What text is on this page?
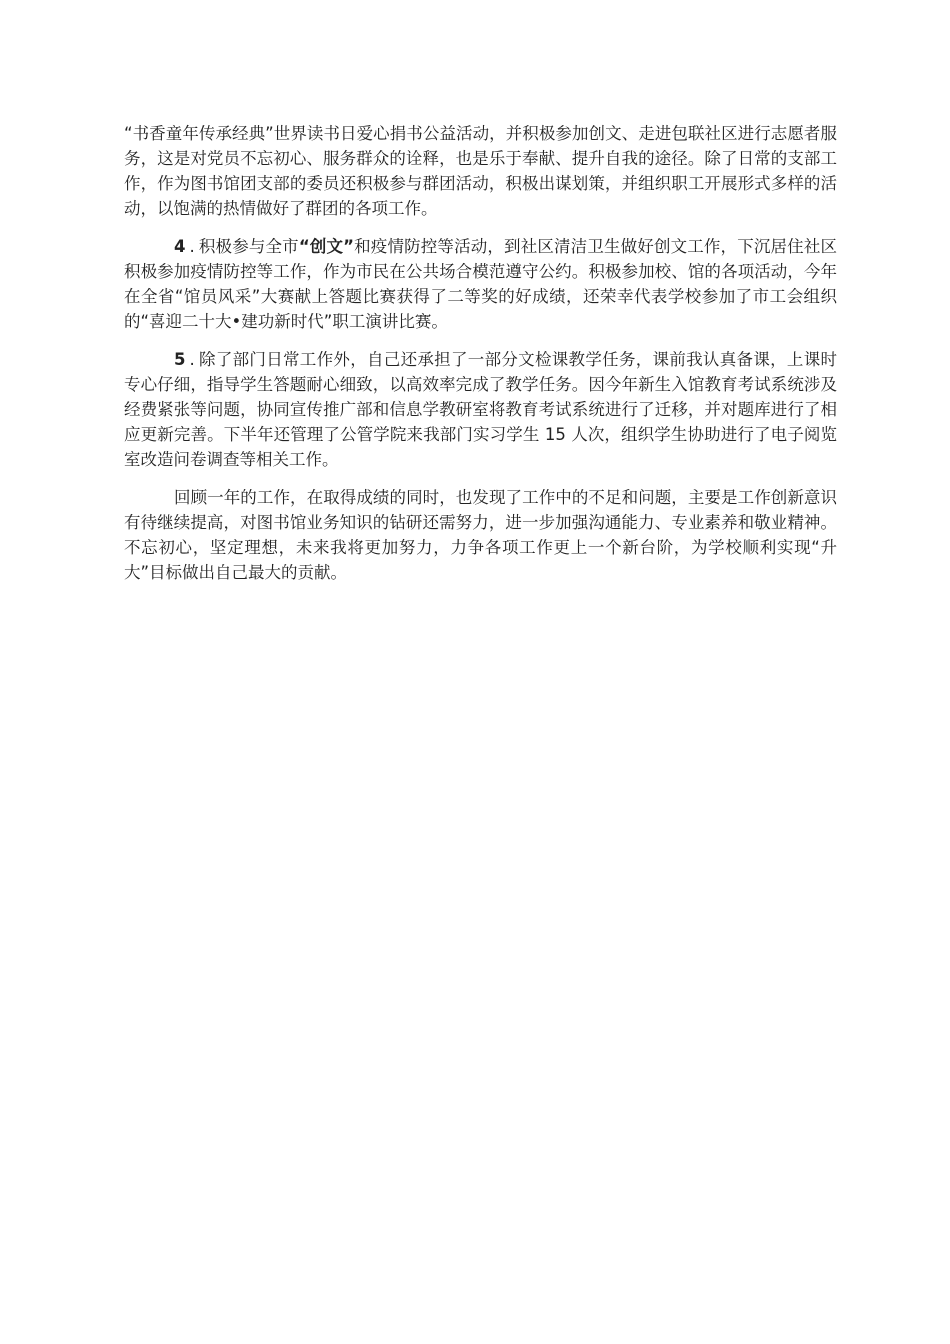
“书香童年传承经典”世界读书日爱心捐书公益活动，并积极参加创文、走进包联社区进行志愿者服务，这是对党员不忘初心、服务群众的诠释，也是乐于奉献、提升自我的途径。除了日常的支部工作，作为图书馆团支部的委员还积极参与群团活动，积极出谋划策，并组织职工开展形式多样的活动，以饱满的热情做好了群团的各项工作。

4 . 积极参与全市“创文”和疫情防控等活动，到社区清洁卫生做好创文工作，下沉居住社区积极参加疫情防控等工作，作为市民在公共场合模范遵守公约。积极参加校、馆的各项活动，今年在全省“馆员风采”大赛献上答题比赛获得了二等奖的好成绩，还荣幸代表学校参加了市工会组织的“喜迎二十大•建功新时代”职工演讲比赛。

5 . 除了部门日常工作外，自己还承担了一部分文检课教学任务，课前我认真备课，上课时专心仔细，指导学生答题耐心细致，以高效率完成了教学任务。因今年新生入馆教育考试系统涉及经费紧张等问题，协同宣传推广部和信息学教研室将教育考试系统进行了迁移，并对题库进行了相应更新完善。下半年还管理了公管学院来我部门实习学生 15 人次，组织学生协助进行了电子阅览室改造问卷调查等相关工作。

回顾一年的工作，在取得成绩的同时，也发现了工作中的不足和问题，主要是工作创新意识有待继续提高，对图书馆业务知识的钻研还需努力，进一步加强沟通能力、专业素养和敬业精神。不忘初心，坚定理想，未来我将更加努力，力争各项工作更上一个新台阶，为学校顺利实现“升大”目标做出自己最大的贡献。
